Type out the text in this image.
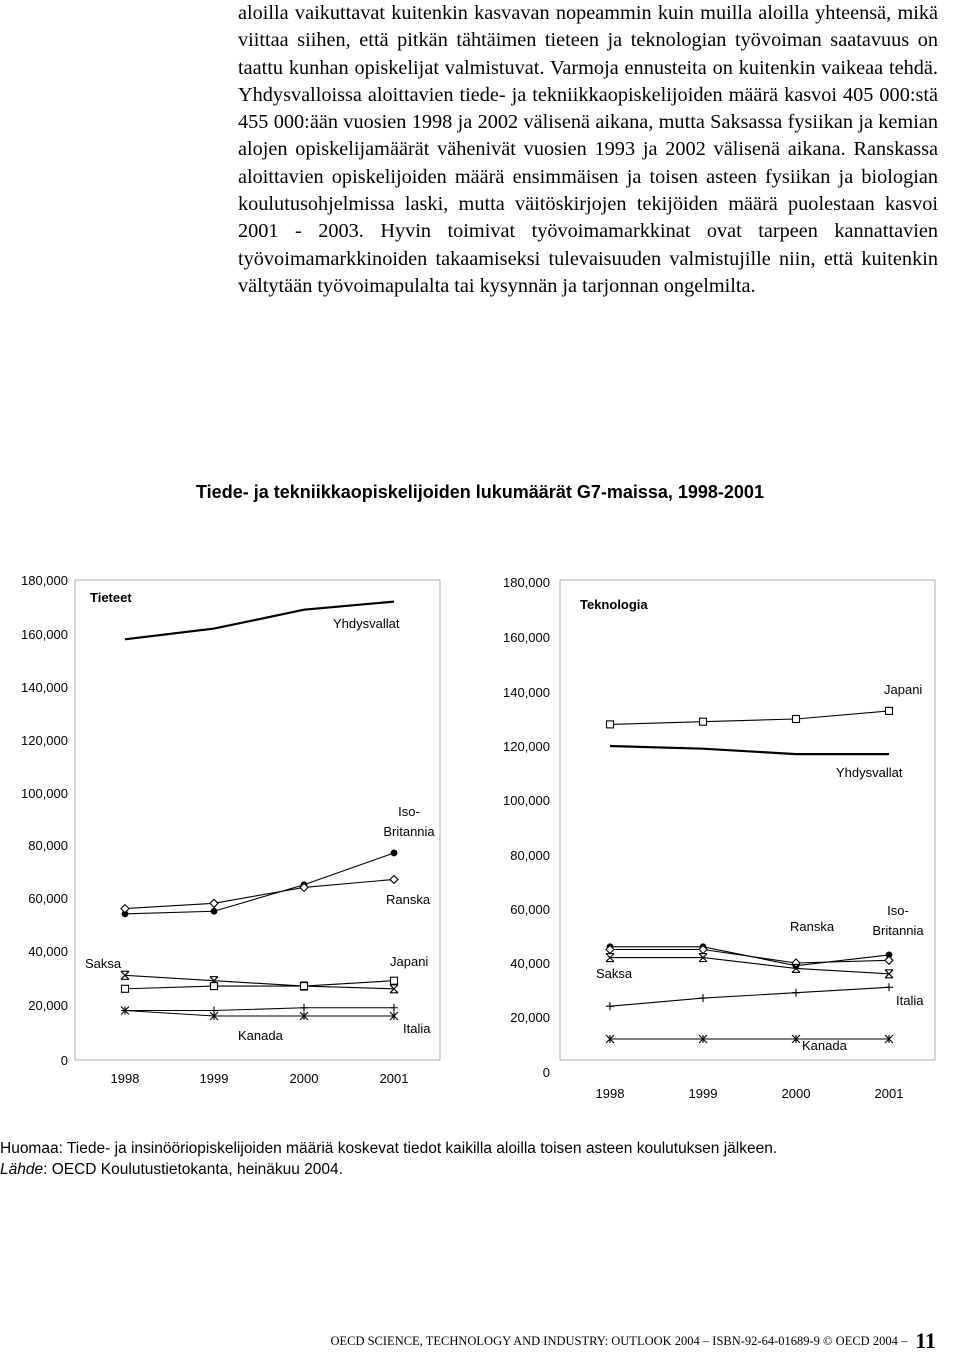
aloilla vaikuttavat kuitenkin kasvavan nopeammin kuin muilla aloilla yhteensä, mikä viittaa siihen, että pitkän tähtäimen tieteen ja teknologian työvoiman saatavuus on taattu kunhan opiskelijat valmistuvat. Varmoja ennusteita on kuitenkin vaikeaa tehdä. Yhdysvalloissa aloittavien tiede- ja tekniikkaopiskelijoiden määrä kasvoi 405 000:stä 455 000:ään vuosien 1998 ja 2002 välisenä aikana, mutta Saksassa fysiikan ja kemian alojen opiskelijamäärät vähenivät vuosien 1993 ja 2002 välisenä aikana. Ranskassa aloittavien opiskelijoiden määrä ensimmäisen ja toisen asteen fysiikan ja biologian koulutusohjelmissa laski, mutta väitöskirjojen tekijöiden määrä puolestaan kasvoi 2001 - 2003. Hyvin toimivat työvoimamarkkinat ovat tarpeen kannattavien työvoimamarkkinoiden takaamiseksi tulevaisuuden valmistujille niin, että kuitenkin vältytään työvoimapulalta tai kysynnän ja tarjonnan ongelmilta.

Tiede- ja tekniikkaopiskelijoiden lukumäärät G7-maissa, 1998-2001
0
20,000
40,000
60,000
80,000
100,000
120,000
140,000
160,000
180,000
1998	1999	2000	2001
Tieteet
0
20,000
40,000
60,000
80,000
100,000
120,000
140,000
160,000
180,000
1998	1999	2000	2001
Teknologia
Yhdysvallat
Iso-
Britannia
Ranska
Saksa	Japani
Kanada	Italia
Japani
Yhdysvallat
Ranska
Iso-
Britannia
Saksa
Italia
Kanada
Huomaa: Tiede- ja insinööriopiskelijoiden määriä koskevat tiedot kaikilla aloilla toisen asteen koulutuksen jälkeen.
Lähde: OECD Koulutustietokanta, heinäkuu 2004.
OECD SCIENCE, TECHNOLOGY AND INDUSTRY: OUTLOOK 2004 – ISBN-92-64-01689-9 © OECD 2004 – 11
